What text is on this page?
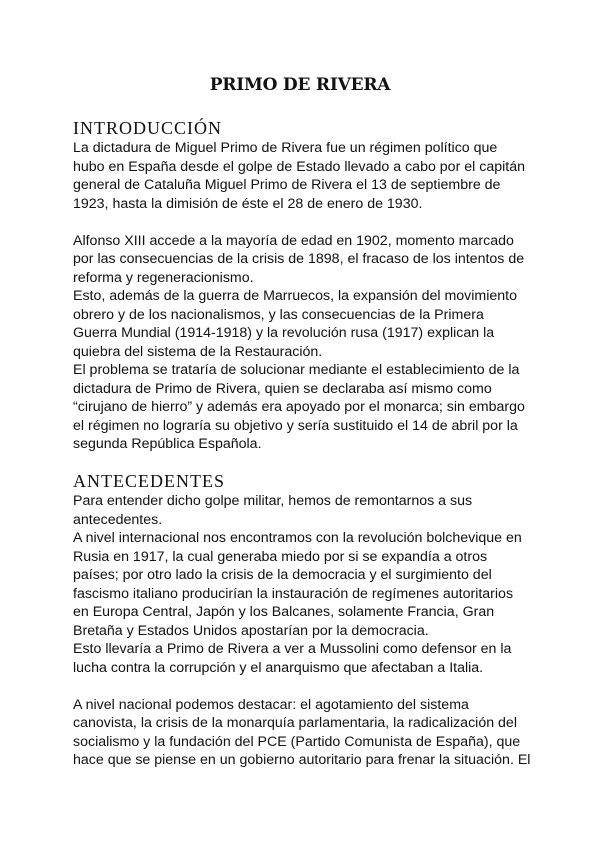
PRIMO DE RIVERA
INTRODUCCIÓN

La dictadura de Miguel Primo de Rivera fue un régimen político que

hubo en España desde el golpe de Estado llevado a cabo por el capitán

general de Cataluña Miguel Primo de Rivera el 13 de septiembre de

1923, hasta la dimisión de éste el 28 de enero de 1930.

Alfonso XIII accede a la mayoría de edad en 1902, momento marcado

por las consecuencias de la crisis de 1898, el fracaso de los intentos de

reforma y regeneracionismo.

Esto, además de la guerra de Marruecos, la expansión del movimiento

obrero y de los nacionalismos, y las consecuencias de la Primera

Guerra Mundial (1914-1918) y la revolución rusa (1917) explican la

quiebra del sistema de la Restauración.

El problema se trataría de solucionar mediante el establecimiento de la

dictadura de Primo de Rivera, quien se declaraba así mismo como

“cirujano de hierro” y además era apoyado por el monarca; sin embargo

el régimen no lograría su objetivo y sería sustituido el 14 de abril por la

segunda República Española.

ANTECEDENTES

Para entender dicho golpe militar, hemos de remontarnos a sus

antecedentes.

A nivel internacional nos encontramos con la revolución bolchevique en

Rusia en 1917, la cual generaba miedo por si se expandía a otros

países; por otro lado la crisis de la democracia y el surgimiento del

fascismo italiano producirían la instauración de regímenes autoritarios

en Europa Central, Japón y los Balcanes, solamente Francia, Gran

Bretaña y Estados Unidos apostarían por la democracia.

Esto llevaría a Primo de Rivera a ver a Mussolini como defensor en la

lucha contra la corrupción y el anarquismo que afectaban a Italia.

A nivel nacional podemos destacar: el agotamiento del sistema

canovista, la crisis de la monarquía parlamentaria, la radicalización del

socialismo y la fundación del PCE (Partido Comunista de España), que

hace que se piense en un gobierno autoritario para frenar la situación. El
